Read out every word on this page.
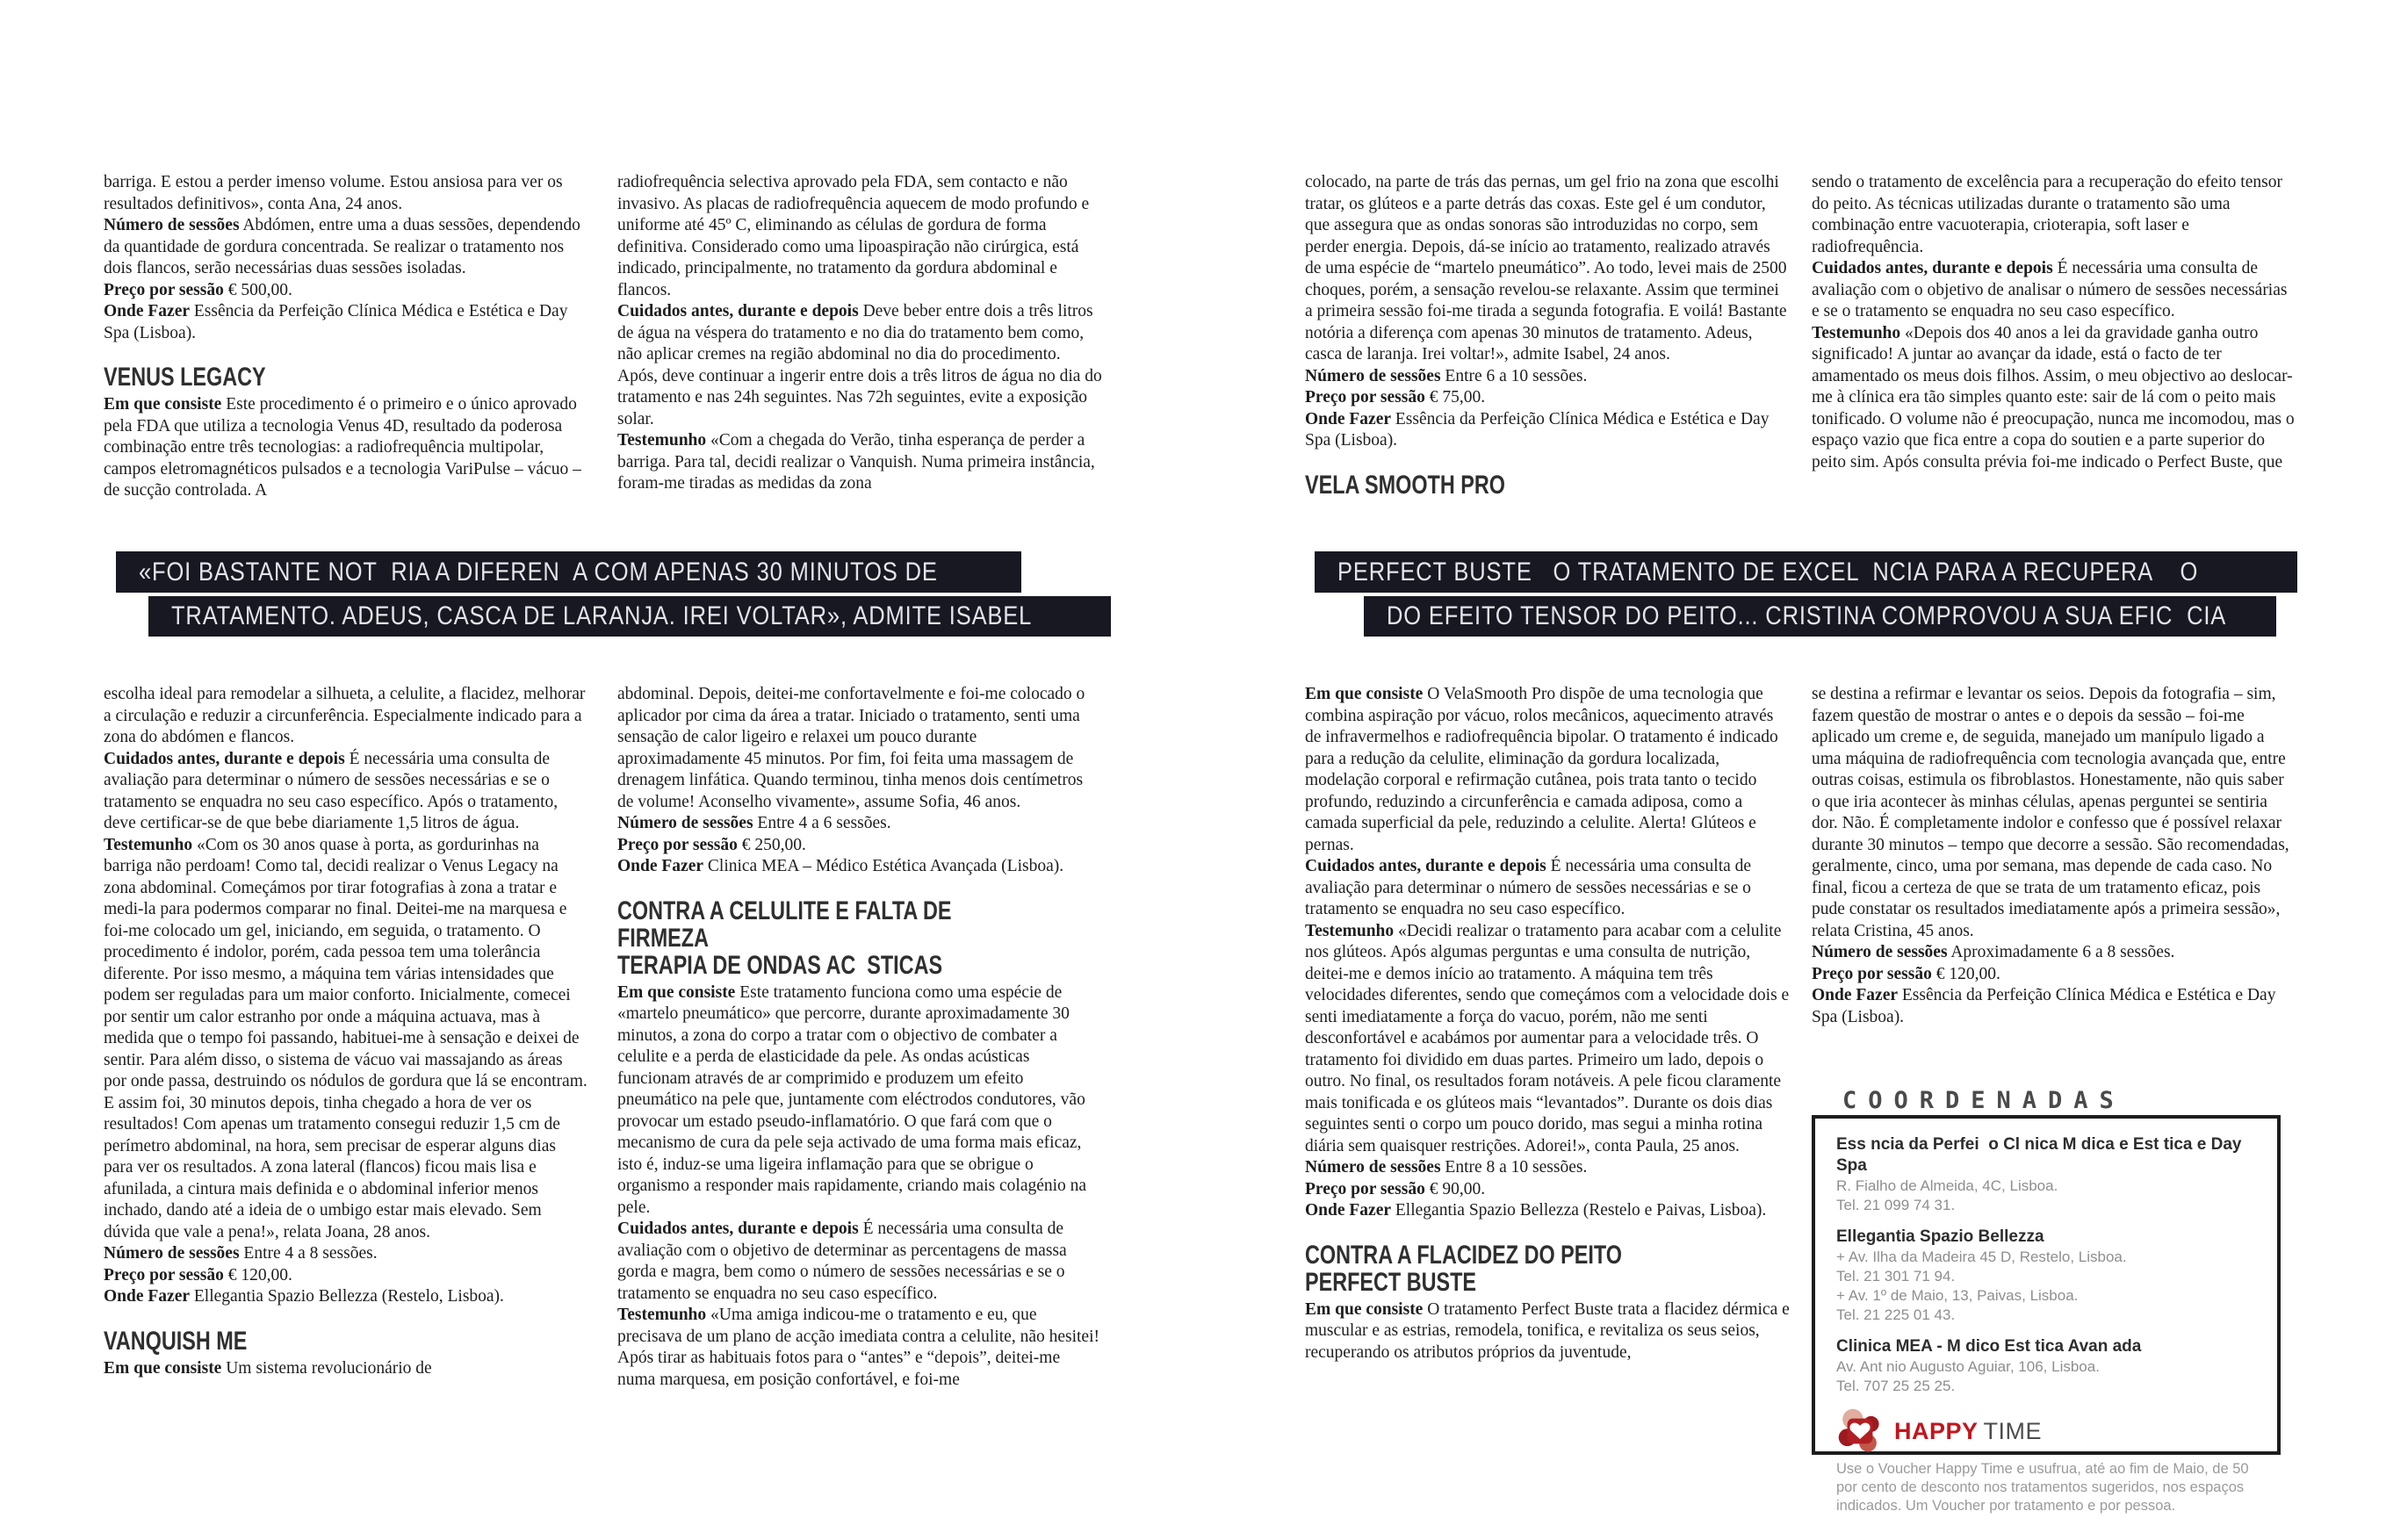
barriga. E estou a perder imenso volume. Estou ansiosa para ver os resultados definitivos», conta Ana, 24 anos.

Número de sessões Abdómen, entre uma a duas sessões, dependendo da quantidade de gordura concentrada. Se realizar o tratamento nos dois flancos, serão necessárias duas sessões isoladas.

Preço por sessão € 500,00.

Onde Fazer Essência da Perfeição Clínica Médica e Estética e Day Spa (Lisboa).

VENUS LEGACY

Em que consiste Este procedimento é o primeiro e o único aprovado pela FDA que utiliza a tecnologia Venus 4D, resultado da poderosa combinação entre três tecnologias: a radiofrequência multipolar, campos eletromagnéticos pulsados e a tecnologia VariPulse – vácuo – de sucção controlada. A

radiofrequência selectiva aprovado pela FDA, sem contacto e não invasivo. As placas de radiofrequência aquecem de modo profundo e uniforme até 45º C, eliminando as células de gordura de forma definitiva. Considerado como uma lipoaspiração não cirúrgica, está indicado, principalmente, no tratamento da gordura abdominal e flancos.

Cuidados antes, durante e depois Deve beber entre dois a três litros de água na véspera do tratamento e no dia do tratamento bem como, não aplicar cremes na região abdominal no dia do procedimento. Após, deve continuar a ingerir entre dois a três litros de água no dia do tratamento e nas 24h seguintes. Nas 72h seguintes, evite a exposição solar.

Testemunho «Com a chegada do Verão, tinha esperança de perder a barriga. Para tal, decidi realizar o Vanquish. Numa primeira instância, foram-me tiradas as medidas da zona

colocado, na parte de trás das pernas, um gel frio na zona que escolhi tratar, os glúteos e a parte detrás das coxas. Este gel é um condutor, que assegura que as ondas sonoras são introduzidas no corpo, sem perder energia. Depois, dá-se início ao tratamento, realizado através de uma espécie de “martelo pneumático”. Ao todo, levei mais de 2500 choques, porém, a sensação revelou-se relaxante. Assim que terminei a primeira sessão foi-me tirada a segunda fotografia. E voilá! Bastante notória a diferença com apenas 30 minutos de tratamento. Adeus, casca de laranja. Irei voltar!», admite Isabel, 24 anos.

Número de sessões Entre 6 a 10 sessões.

Preço por sessão € 75,00.

Onde Fazer Essência da Perfeição Clínica Médica e Estética e Day Spa (Lisboa).

VELA SMOOTH PRO

sendo o tratamento de excelência para a recuperação do efeito tensor do peito. As técnicas utilizadas durante o tratamento são uma combinação entre vacuoterapia, crioterapia, soft laser e radiofrequência.

Cuidados antes, durante e depois É necessária uma consulta de avaliação com o objetivo de analisar o número de sessões necessárias e se o tratamento se enquadra no seu caso específico.

Testemunho «Depois dos 40 anos a lei da gravidade ganha outro significado! A juntar ao avançar da idade, está o facto de ter amamentado os meus dois filhos. Assim, o meu objectivo ao deslocar-me à clínica era tão simples quanto este: sair de lá com o peito mais tonificado. O volume não é preocupação, nunca me incomodou, mas o espaço vazio que fica entre a copa do soutien e a parte superior do peito sim. Após consulta prévia foi-me indicado o Perfect Buste, que

«FOI BASTANTE NOT  RIA A DIFEREN  A COM APENAS 30 MINUTOS DE
TRATAMENTO. ADEUS, CASCA DE LARANJA. IREI VOLTAR», ADMITE ISABEL
PERFECT BUSTE   O TRATAMENTO DE EXCEL  NCIA PARA A RECUPERA    O
DO EFEITO TENSOR DO PEITO... CRISTINA COMPROVOU A SUA EFIC  CIA

escolha ideal para remodelar a silhueta, a celulite, a flacidez, melhorar a circulação e reduzir a circunferência. Especialmente indicado para a zona do abdómen e flancos.

Cuidados antes, durante e depois É necessária uma consulta de avaliação para determinar o número de sessões necessárias e se o tratamento se enquadra no seu caso específico. Após o tratamento, deve certificar-se de que bebe diariamente 1,5 litros de água.

Testemunho «Com os 30 anos quase à porta, as gordurinhas na barriga não perdoam! Como tal, decidi realizar o Venus Legacy na zona abdominal. Começámos por tirar fotografias à zona a tratar e medi-la para podermos comparar no final. Deitei-me na marquesa e foi-me colocado um gel, iniciando, em seguida, o tratamento. O procedimento é indolor, porém, cada pessoa tem uma tolerância diferente. Por isso mesmo, a máquina tem várias intensidades que podem ser reguladas para um maior conforto. Inicialmente, comecei por sentir um calor estranho por onde a máquina actuava, mas à medida que o tempo foi passando, habituei-me à sensação e deixei de sentir. Para além disso, o sistema de vácuo vai massajando as áreas por onde passa, destruindo os nódulos de gordura que lá se encontram. E assim foi, 30 minutos depois, tinha chegado a hora de ver os resultados! Com apenas um tratamento consegui reduzir 1,5 cm de perímetro abdominal, na hora, sem precisar de esperar alguns dias para ver os resultados. A zona lateral (flancos) ficou mais lisa e afunilada, a cintura mais definida e o abdominal inferior menos inchado, dando até a ideia de o umbigo estar mais elevado. Sem dúvida que vale a pena!», relata Joana, 28 anos.

Número de sessões Entre 4 a 8 sessões.

Preço por sessão € 120,00.

Onde Fazer Ellegantia Spazio Bellezza (Restelo, Lisboa).

VANQUISH ME

Em que consiste Um sistema revolucionário de

abdominal. Depois, deitei-me confortavelmente e foi-me colocado o aplicador por cima da área a tratar. Iniciado o tratamento, senti uma sensação de calor ligeiro e relaxei um pouco durante aproximadamente 45 minutos. Por fim, foi feita uma massagem de drenagem linfática. Quando terminou, tinha menos dois centímetros de volume! Aconselho vivamente», assume Sofia, 46 anos.

Número de sessões Entre 4 a 6 sessões.

Preço por sessão € 250,00.

Onde Fazer Clinica MEA – Médico Estética Avançada (Lisboa).

CONTRA A CELULITE E FALTA DE FIRMEZA
TERAPIA DE ONDAS AC  STICAS

Em que consiste Este tratamento funciona como uma espécie de «martelo pneumático» que percorre, durante aproximadamente 30 minutos, a zona do corpo a tratar com o objectivo de combater a celulite e a perda de elasticidade da pele. As ondas acústicas funcionam através de ar comprimido e produzem um efeito pneumático na pele que, juntamente com eléctrodos condutores, vão provocar um estado pseudo-inflamatório. O que fará com que o mecanismo de cura da pele seja activado de uma forma mais eficaz, isto é, induz-se uma ligeira inflamação para que se obrigue o organismo a responder mais rapidamente, criando mais colagénio na pele.

Cuidados antes, durante e depois É necessária uma consulta de avaliação com o objetivo de determinar as percentagens de massa gorda e magra, bem como o número de sessões necessárias e se o tratamento se enquadra no seu caso específico.

Testemunho «Uma amiga indicou-me o tratamento e eu, que precisava de um plano de acção imediata contra a celulite, não hesitei! Após tirar as habituais fotos para o “antes” e “depois”, deitei-me numa marquesa, em posição confortável, e foi-me

Em que consiste O VelaSmooth Pro dispõe de uma tecnologia que combina aspiração por vácuo, rolos mecânicos, aquecimento através de infravermelhos e radiofrequência bipolar. O tratamento é indicado para a redução da celulite, eliminação da gordura localizada, modelação corporal e refirmação cutânea, pois trata tanto o tecido profundo, reduzindo a circunferência e camada adiposa, como a camada superficial da pele, reduzindo a celulite. Alerta! Glúteos e pernas.

Cuidados antes, durante e depois É necessária uma consulta de avaliação para determinar o número de sessões necessárias e se o tratamento se enquadra no seu caso específico.

Testemunho «Decidi realizar o tratamento para acabar com a celulite nos glúteos. Após algumas perguntas e uma consulta de nutrição, deitei-me e demos início ao tratamento. A máquina tem três velocidades diferentes, sendo que começámos com a velocidade dois e senti imediatamente a força do vacuo, porém, não me senti desconfortável e acabámos por aumentar para a velocidade três. O tratamento foi dividido em duas partes. Primeiro um lado, depois o outro. No final, os resultados foram notáveis. A pele ficou claramente mais tonificada e os glúteos mais “levantados”. Durante os dois dias seguintes senti o corpo um pouco dorido, mas segui a minha rotina diária sem quaisquer restrições. Adorei!», conta Paula, 25 anos.

Número de sessões Entre 8 a 10 sessões.

Preço por sessão € 90,00.

Onde Fazer Ellegantia Spazio Bellezza (Restelo e Paivas, Lisboa).

CONTRA A FLACIDEZ DO PEITO
PERFECT BUSTE

Em que consiste O tratamento Perfect Buste trata a flacidez dérmica e muscular e as estrias, remodela, tonifica, e revitaliza os seus seios, recuperando os atributos próprios da juventude,

se destina a refirmar e levantar os seios. Depois da fotografia – sim, fazem questão de mostrar o antes e o depois da sessão – foi-me aplicado um creme e, de seguida, manejado um manípulo ligado a uma máquina de radiofrequência com tecnologia avançada que, entre outras coisas, estimula os fibroblastos. Honestamente, não quis saber o que iria acontecer às minhas células, apenas perguntei se sentiria dor. Não. É completamente indolor e confesso que é possível relaxar durante 30 minutos – tempo que decorre a sessão. São recomendadas, geralmente, cinco, uma por semana, mas depende de cada caso. No final, ficou a certeza de que se trata de um tratamento eficaz, pois pude constatar os resultados imediatamente após a primeira sessão», relata Cristina, 45 anos.

Número de sessões Aproximadamente 6 a 8 sessões.

Preço por sessão € 120,00.

Onde Fazer Essência da Perfeição Clínica Médica e Estética e Day Spa (Lisboa).

COORDENADAS
Ess ncia da Perfei  o Cl nica M dica e Est tica e Day Spa
R. Fialho de Almeida, 4C, Lisboa.
Tel. 21 099 74 31.
Ellegantia Spazio Bellezza
+ Av. Ilha da Madeira 45 D, Restelo, Lisboa.
Tel. 21 301 71 94.
+ Av. 1º de Maio, 13, Paivas, Lisboa.
Tel. 21 225 01 43.
Clinica MEA - M dico Est tica Avan ada
Av. Ant nio Augusto Aguiar, 106, Lisboa.
Tel. 707 25 25 25.
HAPPY TIME
Use o Voucher Happy Time e usufrua, até ao fim de Maio, de 50 por cento de desconto nos tratamentos sugeridos, nos espaços indicados. Um Voucher por tratamento e por pessoa.
